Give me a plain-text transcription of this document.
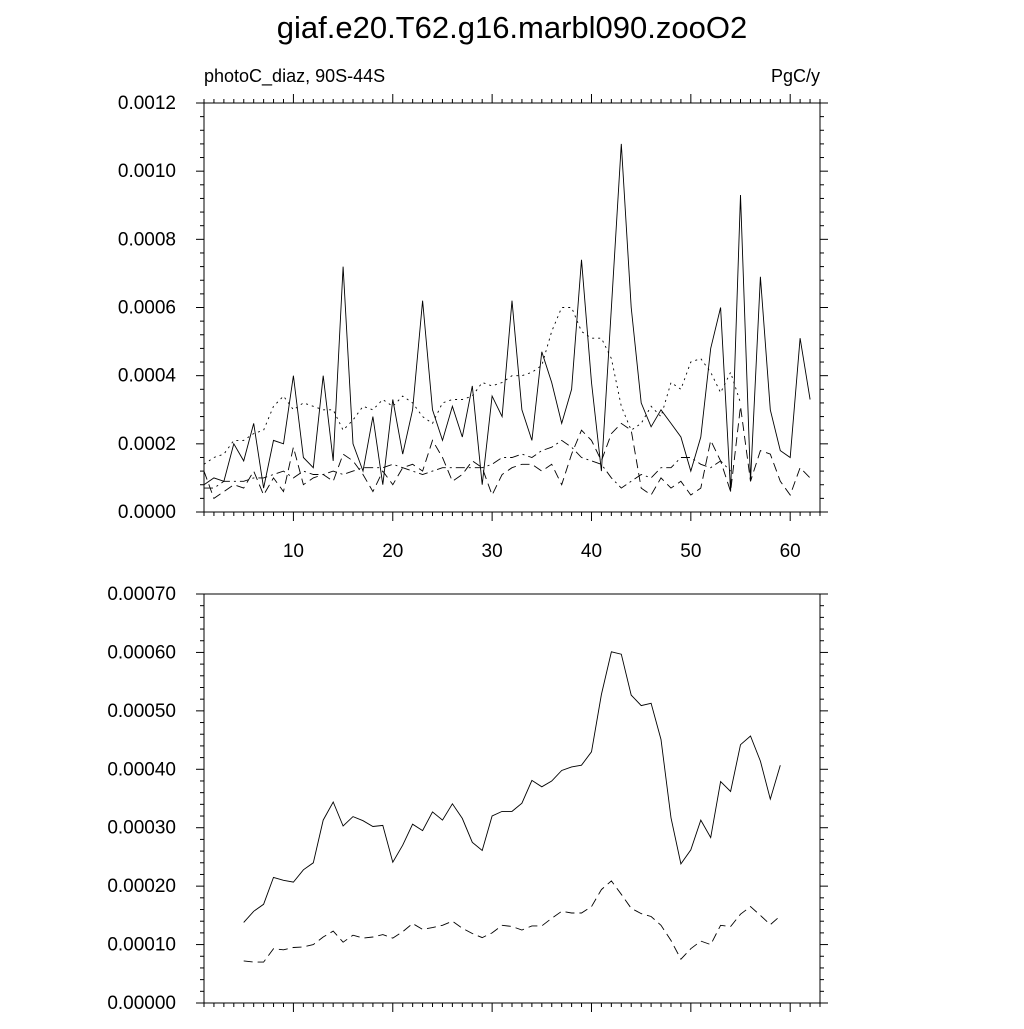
giaf.e20.T62.g16.marbl090.zooO2
photoC_diaz, 90S-44S	PgC/y
0.0000
0.0002
0.0004
0.0006
0.0008
0.0010
0.0012
10	20	30	40	50	60
0.00000
0.00010
0.00020
0.00030
0.00040
0.00050
0.00060
0.00070
